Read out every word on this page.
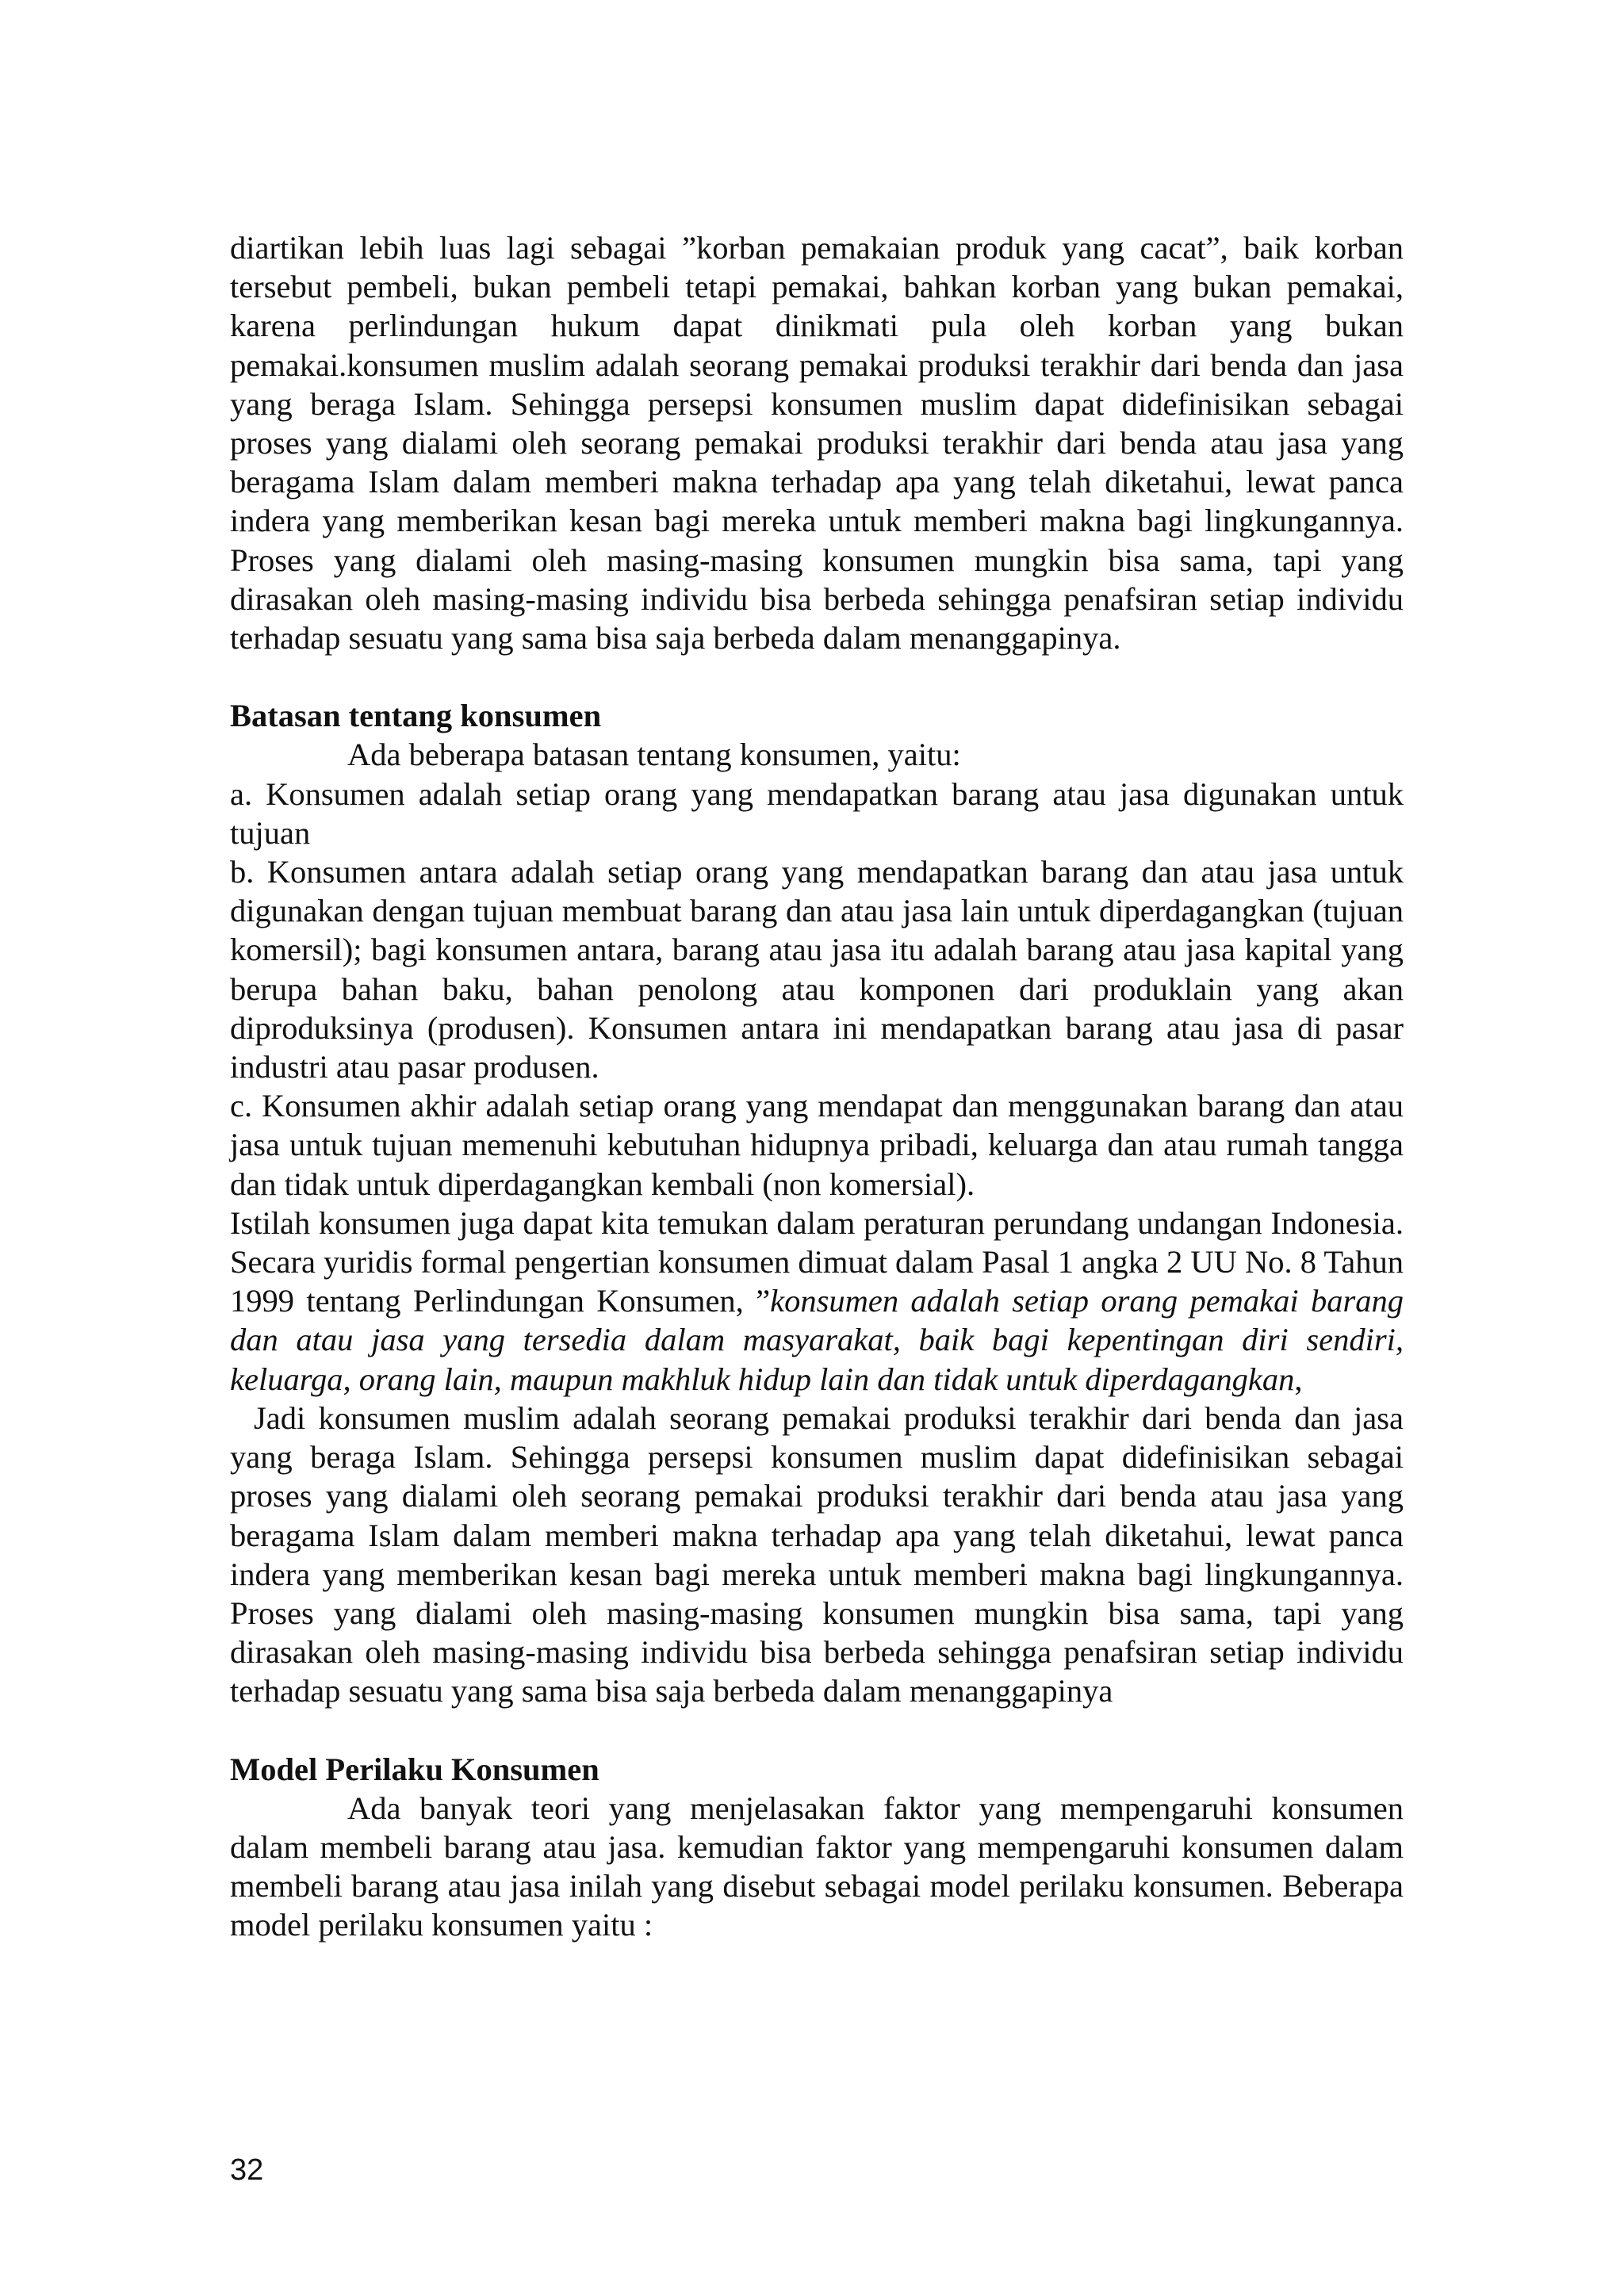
diartikan lebih luas lagi sebagai ”korban pemakaian produk yang cacat”, baik korban tersebut pembeli, bukan pembeli tetapi pemakai, bahkan korban yang bukan pemakai, karena perlindungan hukum dapat dinikmati pula oleh korban yang bukan pemakai.konsumen muslim adalah seorang pemakai produksi terakhir dari benda dan jasa yang beraga Islam. Sehingga persepsi konsumen muslim dapat didefinisikan sebagai proses yang dialami oleh seorang pemakai produksi terakhir dari benda atau jasa yang beragama Islam dalam memberi makna terhadap apa yang telah diketahui, lewat panca indera yang memberikan kesan bagi mereka untuk memberi makna bagi lingkungannya. Proses yang dialami oleh masing-masing konsumen mungkin bisa sama, tapi yang dirasakan oleh masing-masing individu bisa berbeda sehingga penafsiran setiap individu terhadap sesuatu yang sama bisa saja berbeda dalam menanggapinya.

Batasan tentang konsumen

Ada beberapa batasan tentang konsumen, yaitu:

a. Konsumen adalah setiap orang yang mendapatkan barang atau jasa digunakan untuk tujuan

b. Konsumen antara adalah setiap orang yang mendapatkan barang dan atau jasa untuk digunakan dengan tujuan membuat barang dan atau jasa lain untuk diperdagangkan (tujuan komersil); bagi konsumen antara, barang atau jasa itu adalah barang atau jasa kapital yang berupa bahan baku, bahan penolong atau komponen dari produklain yang akan diproduksinya (produsen). Konsumen antara ini mendapatkan barang atau jasa di pasar industri atau pasar produsen.

c. Konsumen akhir adalah setiap orang yang mendapat dan menggunakan barang dan atau jasa untuk tujuan memenuhi kebutuhan hidupnya pribadi, keluarga dan atau rumah tangga dan tidak untuk diperdagangkan kembali (non komersial).

Istilah konsumen juga dapat kita temukan dalam peraturan perundang undangan Indonesia. Secara yuridis formal pengertian konsumen dimuat dalam Pasal 1 angka 2 UU No. 8 Tahun 1999 tentang Perlindungan Konsumen, ”konsumen adalah setiap orang pemakai barang dan atau jasa yang tersedia dalam masyarakat, baik bagi kepentingan diri sendiri, keluarga, orang lain, maupun makhluk hidup lain dan tidak untuk diperdagangkan,

Jadi konsumen muslim adalah seorang pemakai produksi terakhir dari benda dan jasa yang beraga Islam. Sehingga persepsi konsumen muslim dapat didefinisikan sebagai proses yang dialami oleh seorang pemakai produksi terakhir dari benda atau jasa yang beragama Islam dalam memberi makna terhadap apa yang telah diketahui, lewat panca indera yang memberikan kesan bagi mereka untuk memberi makna bagi lingkungannya. Proses yang dialami oleh masing-masing konsumen mungkin bisa sama, tapi yang dirasakan oleh masing-masing individu bisa berbeda sehingga penafsiran setiap individu terhadap sesuatu yang sama bisa saja berbeda dalam menanggapinya

Model Perilaku Konsumen

Ada banyak teori yang menjelasakan faktor yang mempengaruhi konsumen dalam membeli barang atau jasa. kemudian faktor yang mempengaruhi konsumen dalam membeli barang atau jasa inilah yang disebut sebagai model perilaku konsumen. Beberapa model perilaku konsumen yaitu :

32
